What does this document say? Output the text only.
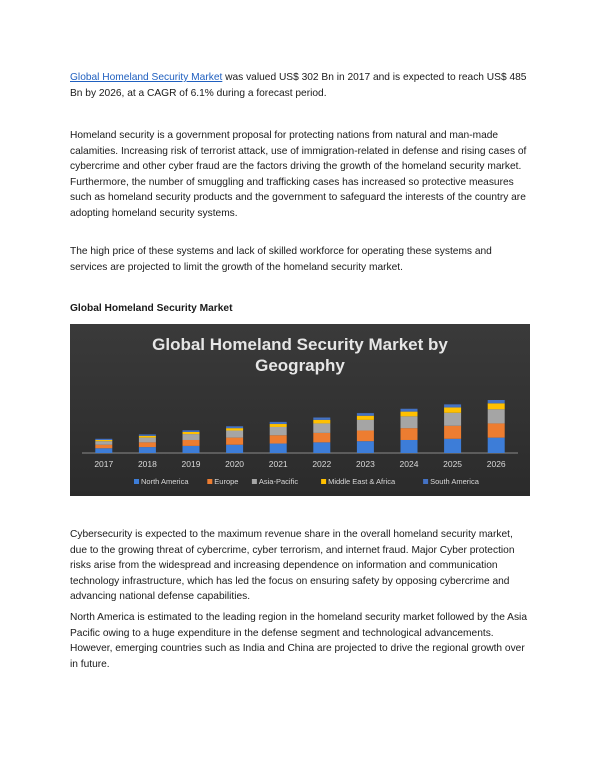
Global Homeland Security Market was valued US$ 302 Bn in 2017 and is expected to reach US$ 485 Bn by 2026, at a CAGR of 6.1% during a forecast period.

Homeland security is a government proposal for protecting nations from natural and man-made calamities. Increasing risk of terrorist attack, use of immigration-related in defense and rising cases of cybercrime and other cyber fraud are the factors driving the growth of the homeland security market. Furthermore, the number of smuggling and trafficking cases has increased so protective measures such as homeland security products and the government to safeguard the interests of the country are adopting homeland security systems.

The high price of these systems and lack of skilled workforce for operating these systems and services are projected to limit the growth of the homeland security market.

Global Homeland Security Market

Global Homeland Security Market by
Geography
2017	2018	2019	2020	2021	2022	2023	2024	2025	2026
North America	Europe	Asia-Pacific	Middle East & Africa	South America

Cybersecurity is expected to the maximum revenue share in the overall homeland security market, due to the growing threat of cybercrime, cyber terrorism, and internet fraud. Major Cyber protection risks arise from the widespread and increasing dependence on information and communication technology infrastructure, which has led the focus on ensuring safety by opposing cybercrime and advancing national defense capabilities.

North America is estimated to the leading region in the homeland security market followed by the Asia Pacific owing to a huge expenditure in the defense segment and technological advancements. However, emerging countries such as India and China are projected to drive the regional growth over in future.
